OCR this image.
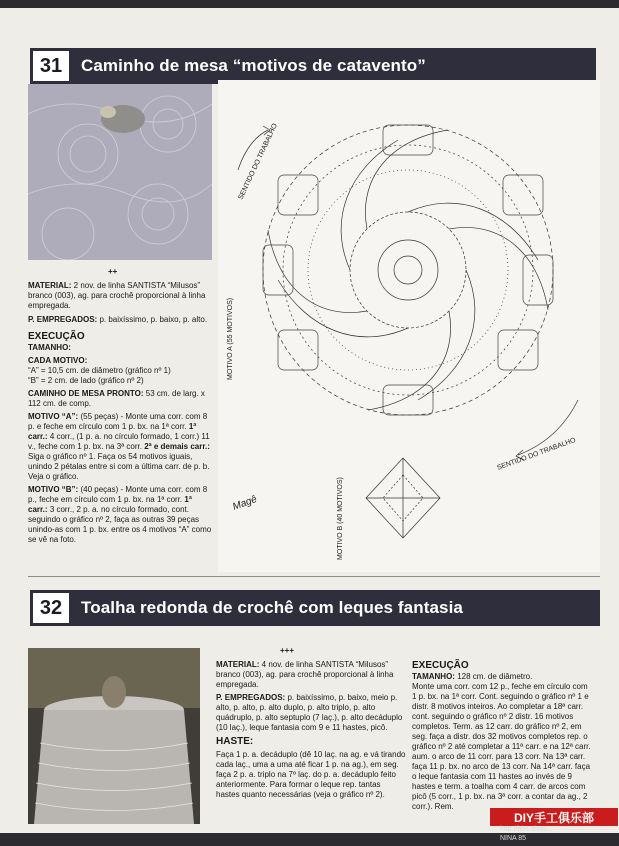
31	Caminho de mesa “motivos de catavento”
++
MATERIAL: 2 nov. de linha SANTISTA “Milusos” branco (003), ag. para crochê proporcional à linha empregada.
P. EMPREGADOS: p. baixíssimo, p. baixo, p. alto.
EXECUÇÃO
TAMANHO:
CADA MOTIVO:
“A” = 10,5 cm. de diâmetro (gráfico nº 1)
“B” = 2 cm. de lado (gráfico nº 2)
CAMINHO DE MESA PRONTO: 53 cm. de larg. x 112 cm. de comp.
MOTIVO “A”: (55 peças) - Monte uma corr. com 8 p. e feche em círculo com 1 p. bx. na 1ª corr. 1ª carr.: 4 corr., (1 p. a. no círculo formado, 1 corr.) 11 v., feche com 1 p. bx. na 3ª corr. 2ª e demais carr.: Siga o gráfico nº 1. Faça os 54 motivos iguais, unindo 2 pétalas entre si com a última carr. de p. b. Veja o gráfico.
MOTIVO “B”: (40 peças) - Monte uma corr. com 8 p., feche em círculo com 1 p. bx. na 1ª corr. 1ª carr.: 3 corr., 2 p. a. no círculo formado, cont. seguindo o gráfico nº 2, faça as outras 39 peças unindo-as com 1 p. bx. entre os 4 motivos “A” como se vê na foto.
SENTIDO DO TRABALHO
SENTIDO DO TRABALHO
MOTIVO A (55 MOTIVOS)
MOTIVO B (40 MOTIVOS)
Magê
32	Toalha redonda de crochê com leques fantasia
+++
MATERIAL: 4 nov. de linha SANTISTA “Milusos” branco (003), ag. para crochê proporcional à linha empregada.
P. EMPREGADOS: p. baixíssimo, p. baixo, meio p. alto, p. alto, p. alto duplo, p. alto triplo, p. alto quádruplo, p. alto septuplo (7 laç.), p. alto decáduplo (10 laç.), leque fantasia com 9 e 11 hastes, picô.
HASTE:
Faça 1 p. a. decáduplo (dê 10 laç. na ag. e vá tirando cada laç., uma a uma até ficar 1 p. na ag.), em seg. faça 2 p. a. triplo na 7º laç. do p. a. decáduplo feito anteriormente. Para formar o leque rep. tantas hastes quanto necessárias (veja o gráfico nº 2).
EXECUÇÃO
TAMANHO: 128 cm. de diâmetro.
Monte uma corr. com 12 p., feche em círculo com 1 p. bx. na 1ª corr. Cont. seguindo o gráfico nº 1 e distr. 8 motivos inteiros. Ao completar a 18ª carr. cont. seguindo o gráfico nº 2 distr. 16 motivos completos. Term. as 12 carr. do gráfico nº 2, em seg. faça a distr. dos 32 motivos completos rep. o gráfico nº 2 até completar a 11ª carr. e na 12ª carr. aum. o arco de 11 corr. para 13 corr. Na 13ª carr. faça 11 p. bx. no arco de 13 corr. Na 14ª carr. faça o leque fantasia com 11 hastes ao invés de 9 hastes e term. a toalha com 4 carr. de arcos com picô (5 corr., 1 p. bx. na 3ª corr. a contar da ag., 2 corr.). Rem.
NINA 85
DIY手工俱乐部
http://bbs.shou...
